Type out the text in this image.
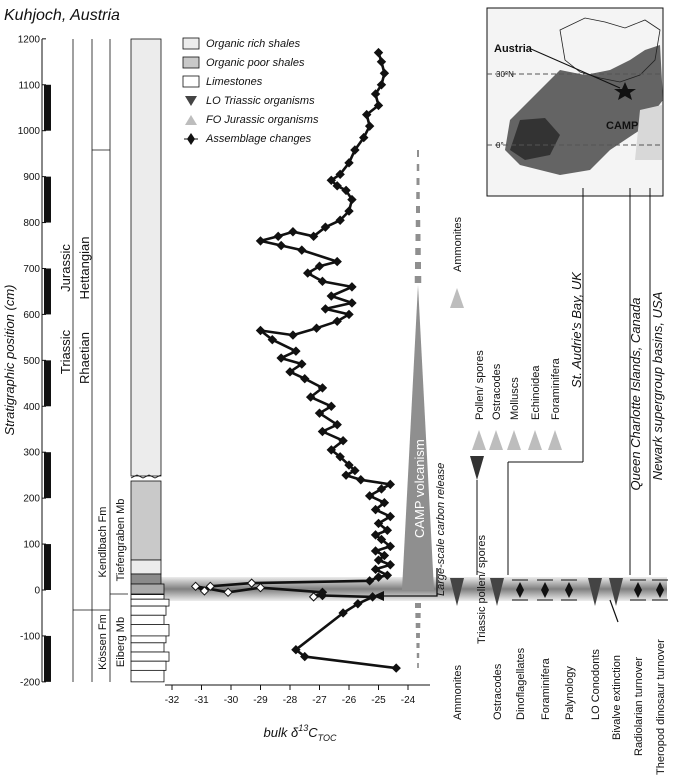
Kuhjoch, Austria
-200
-100
0
100
200
300
400
500
600
700
800
900
1000
1100
1200
Stratigraphic position (cm)
Jurassic
Triassic
Hettangian
Rhaetian
Kendlbach Fm
Kössen Fm
Tiefengraben Mb
Eiberg Mb
-32 -31 -30 -29 -28 -27 -26 -25 -24
bulk $\delta^{13}C_{TOC}$
CAMP volcanism Large-scale carbon release
Organic rich shales
Organic poor shales
Limestones
LO Triassic organisms
FO Jurassic organisms
Assemblage changes
Austria
30°N
0°
CAMP
Ammonites
Pollen/ spores Ostracodes Molluscs Echinoidea Foraminifera
Triassic pollen/ spores
St. Audrie's Bay, UK	Queen Charlotte Islands, Canada Newark supergroup basins, USA
Ammonites	Ostracodes Dinoflagellates Foraminifera Palynology LO Conodonts Bivalve extinction Radiolarian turnover Theropod dinosaur turnover
